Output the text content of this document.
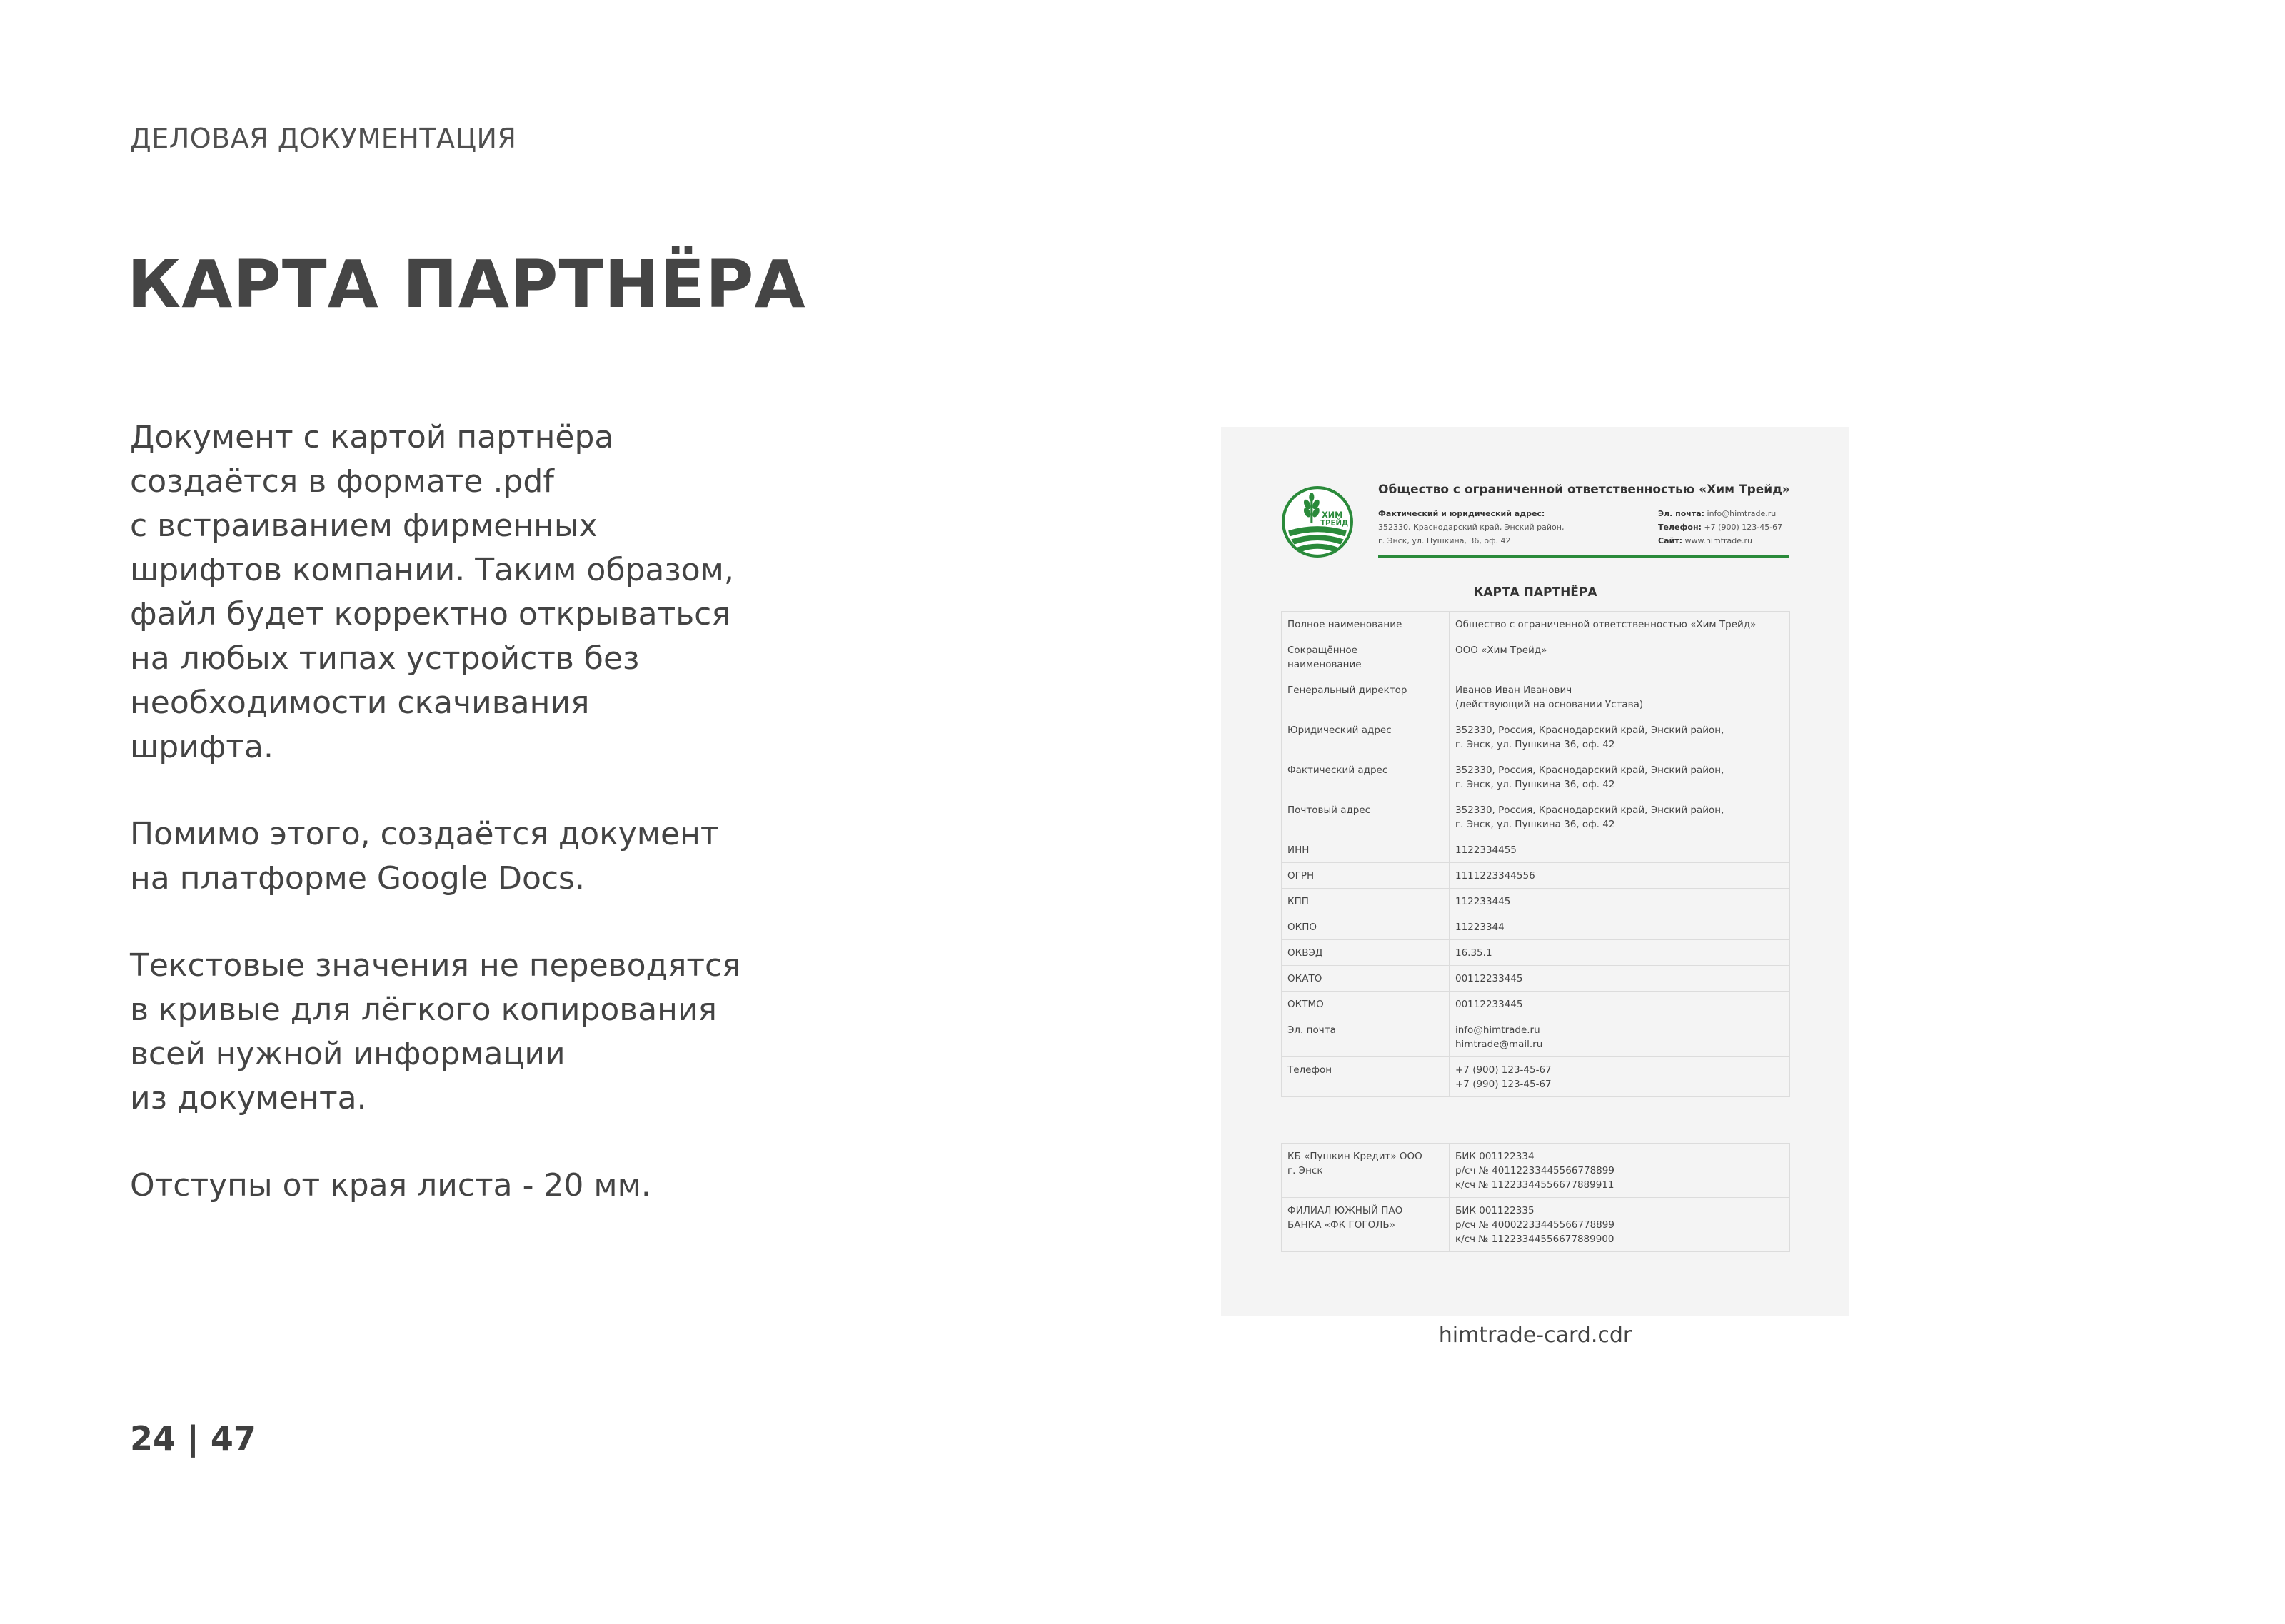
ДЕЛОВАЯ ДОКУМЕНТАЦИЯ
КАРТА ПАРТНЁРА

Документ с картой партнёра
создаётся в формате .pdf
с встраиванием фирменных
шрифтов компании. Таким образом,
файл будет корректно открываться
на любых типах устройств без
необходимости скачивания
шрифта.

Помимо этого, создаётся документ
на платформе Google Docs.

Текстовые значения не переводятся
в кривые для лёгкого копирования
всей нужной информации
из документа.

Отступы от края листа - 20 мм.

24 | 47
ХИМ
ТРЕЙД
Общество с ограниченной ответственностью «Хим Трейд»
Фактический и юридический адрес:
352330, Краснодарский край, Энский район,
г. Энск, ул. Пушкина, 36, оф. 42
Эл. почта: info@himtrade.ru
Телефон: +7 (900) 123-45-67
Сайт: www.himtrade.ru
КАРТА ПАРТНЁРА
Полное наименование	Общество с ограниченной ответственностью «Хим Трейд»
Сокращённое
наименование	ООО «Хим Трейд»
Генеральный директор	Иванов Иван Иванович
(действующий на основании Устава)
Юридический адрес	352330, Россия, Краснодарский край, Энский район,
г. Энск, ул. Пушкина 36, оф. 42
Фактический адрес	352330, Россия, Краснодарский край, Энский район,
г. Энск, ул. Пушкина 36, оф. 42
Почтовый адрес	352330, Россия, Краснодарский край, Энский район,
г. Энск, ул. Пушкина 36, оф. 42
ИНН	1122334455
ОГРН	1111223344556
КПП	112233445
ОКПО	11223344
ОКВЭД	16.35.1
ОКАТО	00112233445
ОКТМО	00112233445
Эл. почта	info@himtrade.ru
himtrade@mail.ru
Телефон	+7 (900) 123-45-67
+7 (990) 123-45-67
КБ «Пушкин Кредит» ООО
г. Энск	БИК 001122334
р/сч № 40112233445566778899
к/сч № 11223344556677889911
ФИЛИАЛ ЮЖНЫЙ ПАО
БАНКА «ФК ГОГОЛЬ»	БИК 001122335
р/сч № 40002233445566778899
к/сч № 11223344556677889900
himtrade-card.cdr
